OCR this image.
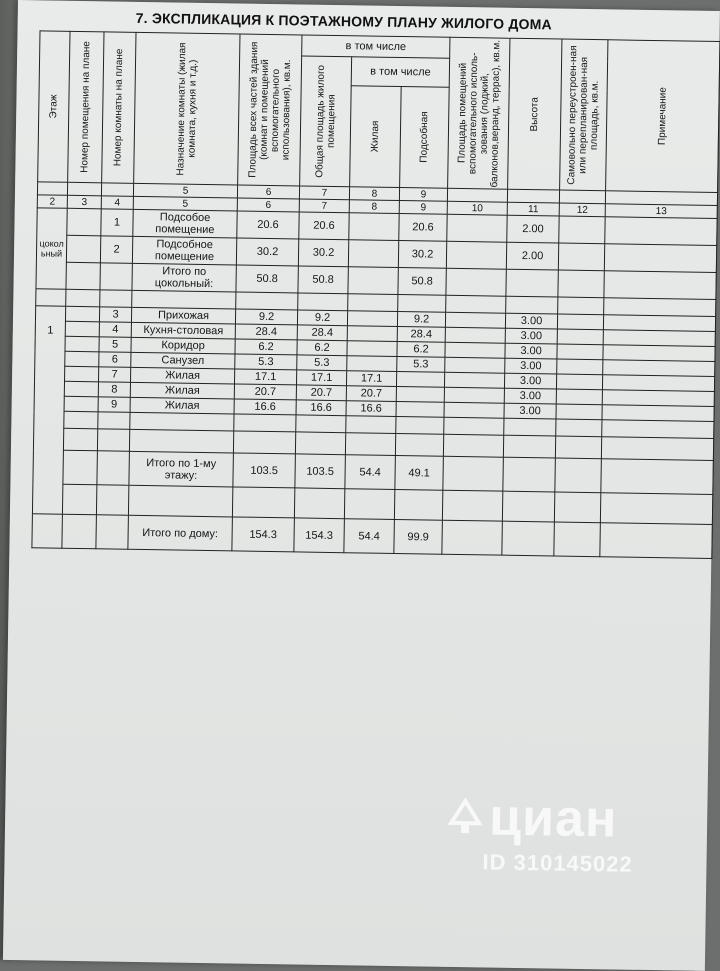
7. ЭКСПЛИКАЦИЯ К ПОЭТАЖНОМУ ПЛАНУ ЖИЛОГО ДОМА
Этаж	Номер помещения на плане	Номер комнаты на плане	Назначение комнаты (жилая комната, кухня и т.д.)	Площадь всех частей здания (комнат и помещений вспомогательного использования), кв.м.	в том числе			Площадь помещений вспомогательного исполь-зования (лоджий, балконов,веранд, террас), кв.м.	Высота	Самовольно переустроен-ная или перепланирован-ная площадь, кв.м.	Примечание

					Общая площадь жилого помещения	в том числе					

						Жилая	Подсобная				

			5	6	7	8	9				
2	3	4	5	6	7	8	9	10	11	12	13
цокол ьный		1	Подсобое помещение	20.6	20.6		20.6		2.00		
		2	Подсобное помещение	30.2	30.2		30.2		2.00		
			Итого по цокольный:	50.8	50.8		50.8				

1		3	Прихожая	9.2	9.2		9.2		3.00		
		4	Кухня-столовая	28.4	28.4		28.4		3.00		
		5	Коридор	6.2	6.2		6.2		3.00		
		6	Санузел	5.3	5.3		5.3		3.00		
		7	Жилая	17.1	17.1	17.1			3.00		
		8	Жилая	20.7	20.7	20.7			3.00		
		9	Жилая	16.6	16.6	16.6			3.00		

			Итого по 1-му этажу:	103.5	103.5	54.4	49.1				

			Итого по дому:	154.3	154.3	54.4	99.9				
циан
ID 310145022
